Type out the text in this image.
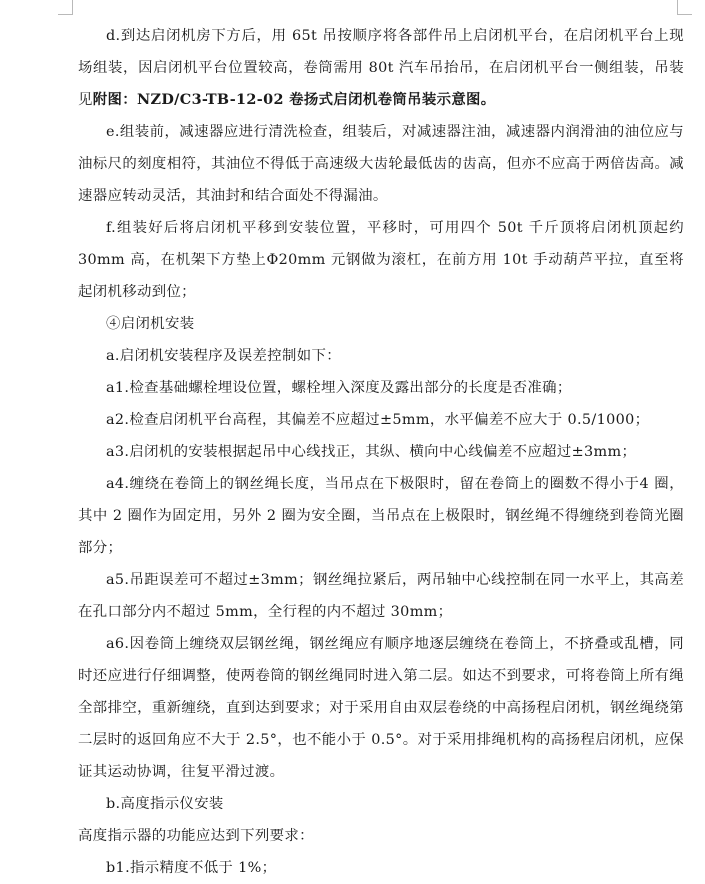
d.到达启闭机房下方后，用 65t 吊按顺序将各部件吊上启闭机平台，在启闭机平台上现场组装，因启闭机平台位置较高，卷筒需用 80t 汽车吊抬吊，在启闭机平台一侧组装，吊装见附图：NZD/C3-TB-12-02 卷扬式启闭机卷筒吊装示意图。

e.组装前，减速器应进行清洗检查，组装后，对减速器注油，减速器内润滑油的油位应与油标尺的刻度相符，其油位不得低于高速级大齿轮最低齿的齿高，但亦不应高于两倍齿高。减速器应转动灵活，其油封和结合面处不得漏油。

f.组装好后将启闭机平移到安装位置，平移时，可用四个 50t 千斤顶将启闭机顶起约 30mm 高，在机架下方垫上Φ20mm 元钢做为滚杠，在前方用 10t 手动葫芦平拉，直至将起闭机移动到位；

④启闭机安装

a.启闭机安装程序及误差控制如下：

a1.检查基础螺栓埋设位置，螺栓埋入深度及露出部分的长度是否准确；

a2.检查启闭机平台高程，其偏差不应超过±5mm，水平偏差不应大于 0.5/1000；

a3.启闭机的安装根据起吊中心线找正，其纵、横向中心线偏差不应超过±3mm；

a4.缠绕在卷筒上的钢丝绳长度，当吊点在下极限时，留在卷筒上的圈数不得小于4 圈，其中 2 圈作为固定用，另外 2 圈为安全圈，当吊点在上极限时，钢丝绳不得缠绕到卷筒光圈部分；

a5.吊距误差可不超过±3mm；钢丝绳拉紧后，两吊轴中心线控制在同一水平上，其高差在孔口部分内不超过 5mm，全行程的内不超过 30mm；

a6.因卷筒上缠绕双层钢丝绳，钢丝绳应有顺序地逐层缠绕在卷筒上，不挤叠或乱槽，同时还应进行仔细调整，使两卷筒的钢丝绳同时进入第二层。如达不到要求，可将卷筒上所有绳全部排空，重新缠绕，直到达到要求；对于采用自由双层卷绕的中高扬程启闭机，钢丝绳绕第二层时的返回角应不大于 2.5°，也不能小于 0.5°。对于采用排绳机构的高扬程启闭机，应保证其运动协调，往复平滑过渡。

b.高度指示仪安装

高度指示器的功能应达到下列要求：

b1.指示精度不低于 1%；
